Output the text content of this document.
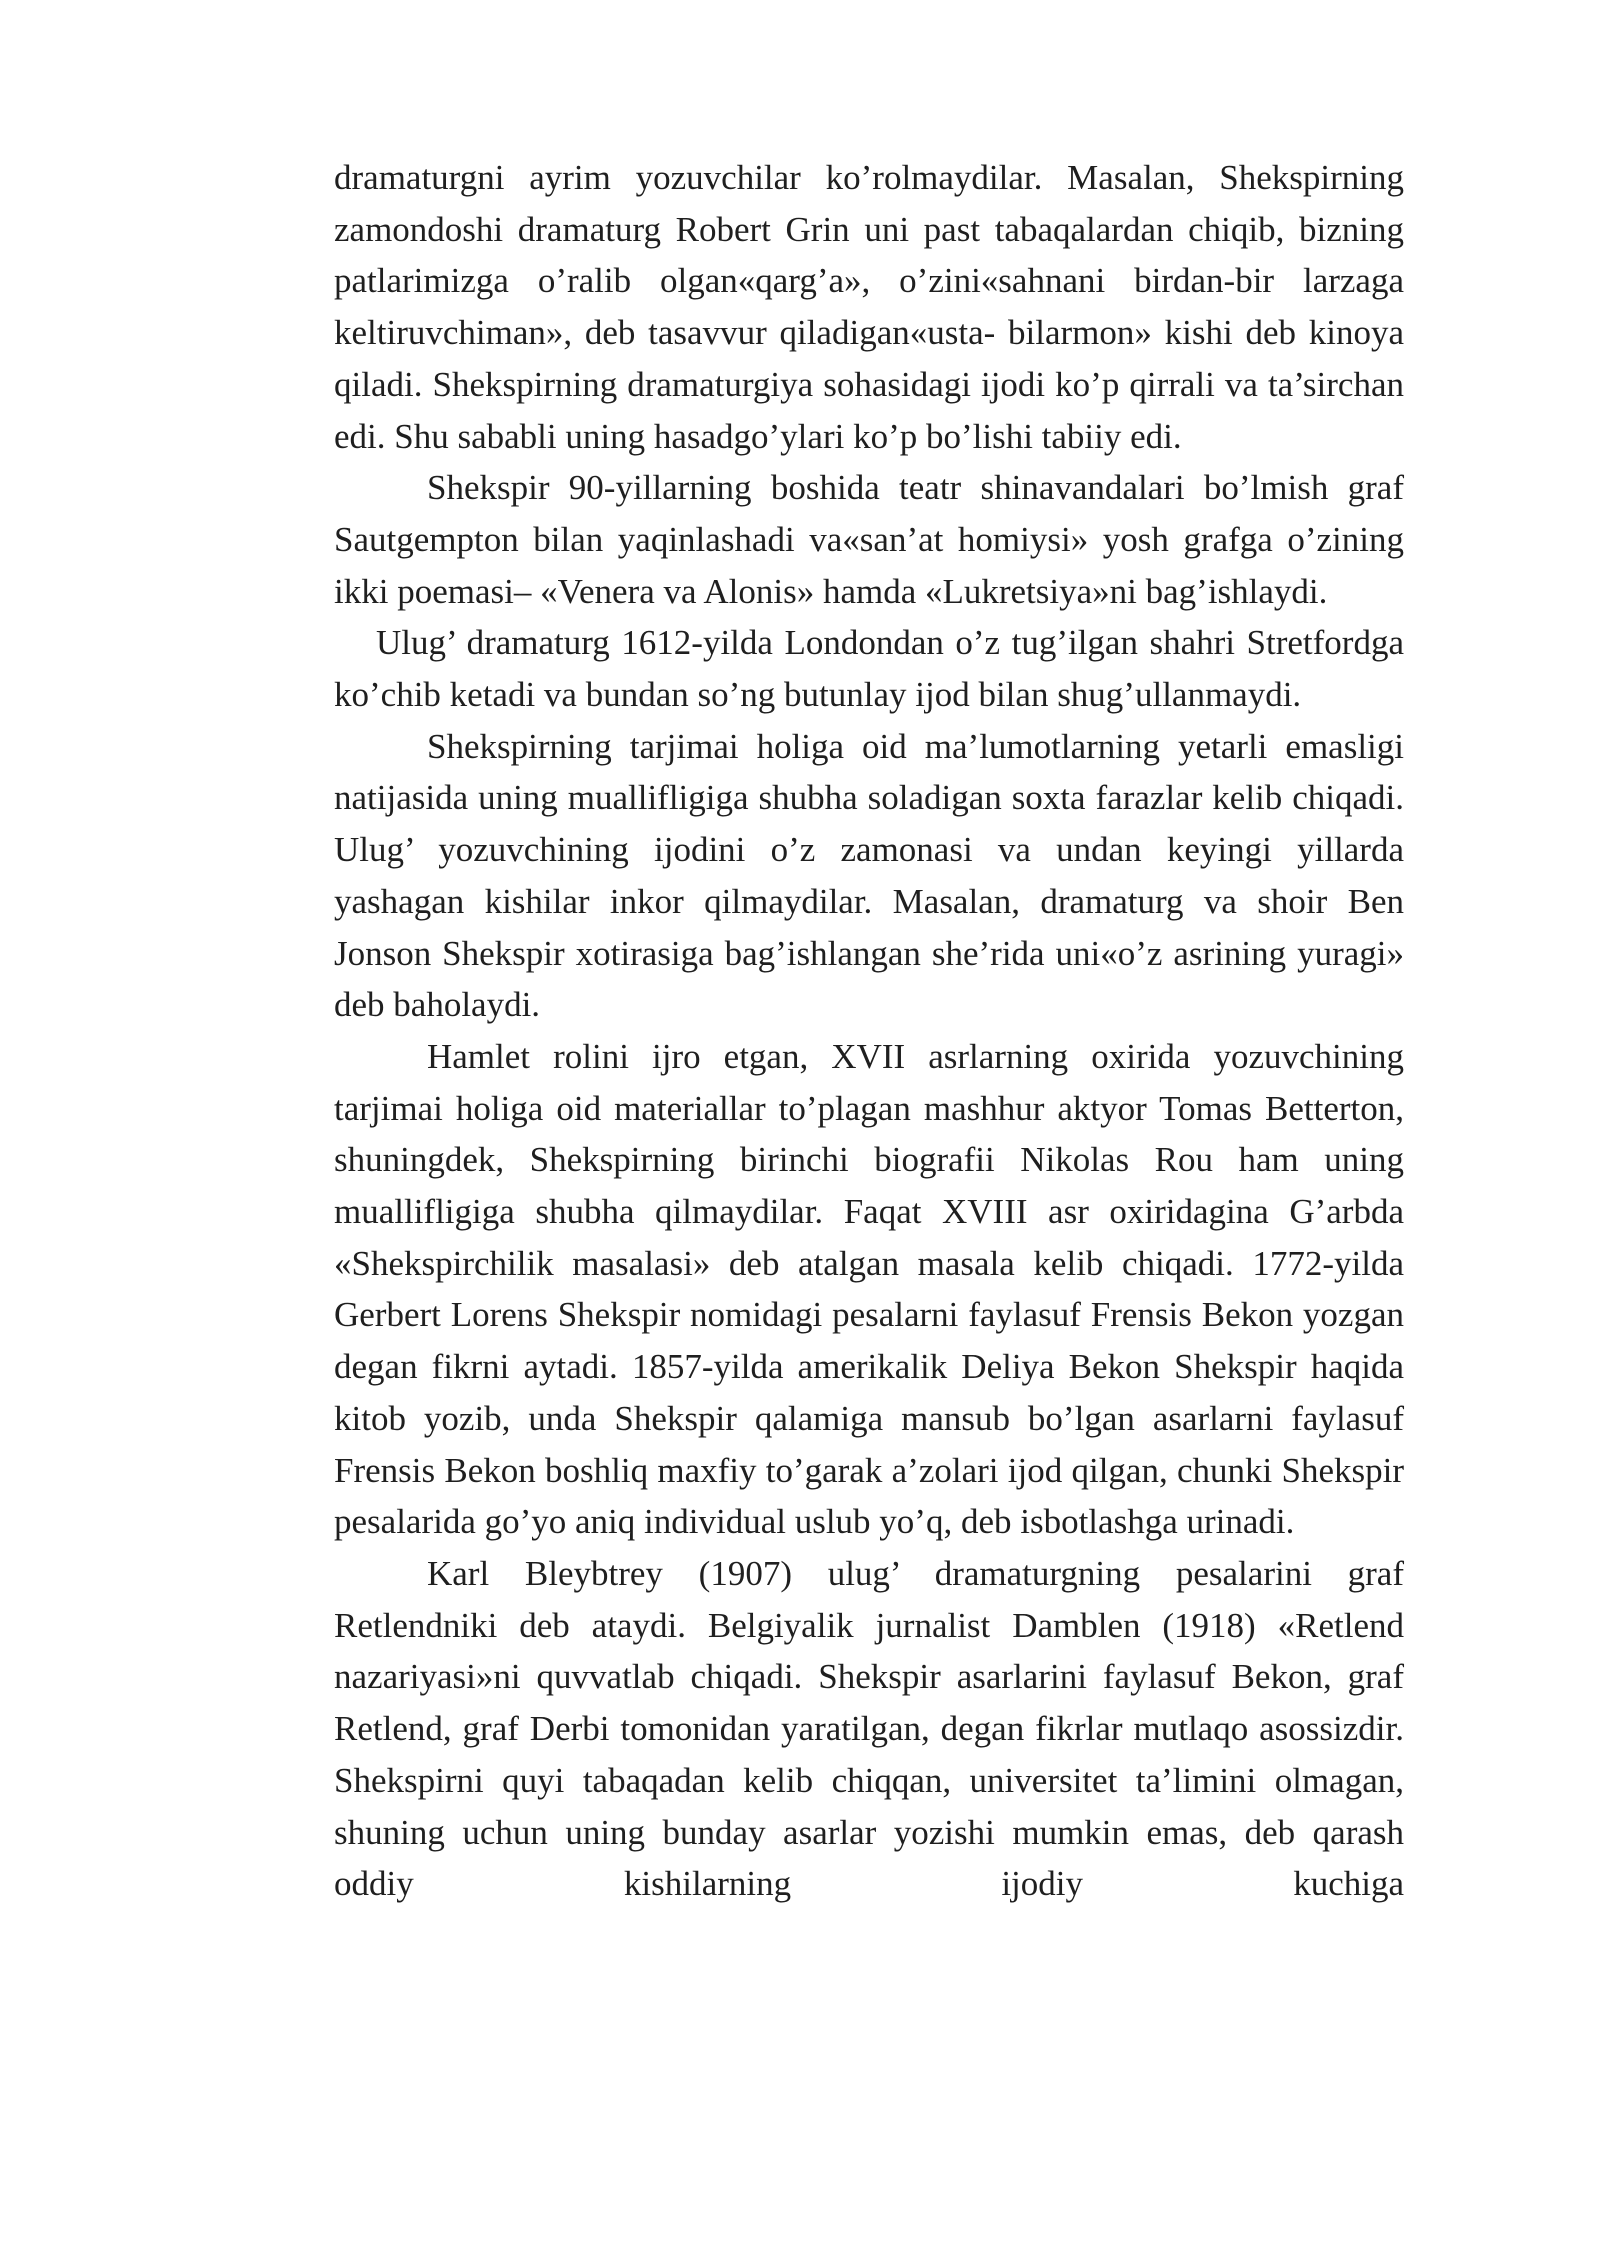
dramaturgni ayrim yozuvchilar ko’rolmaydilar. Masalan, Shekspirning zamondoshi dramaturg Robert Grin uni past tabaqalardan chiqib, bizning patlarimizga o’ralib olgan«qarg’a», o’zini«sahnani birdan-bir larzaga keltiruvchiman», deb tasavvur qiladigan«usta- bilarmon» kishi deb kinoya qiladi. Shekspirning dramaturgiya sohasidagi ijodi ko’p qirrali va ta’sirchan edi. Shu sababli uning hasadgo’ylari ko’p bo’lishi tabiiy edi.

Shekspir 90-yillarning boshida teatr shinavandalari bo’lmish graf Sautgempton bilan yaqinlashadi va«san’at homiysi» yosh grafga o’zining ikki poemasi– «Venera va Alonis» hamda «Lukretsiya»ni bag’ishlaydi.

Ulug’ dramaturg 1612-yilda Londondan o’z tug’ilgan shahri Stretfordga ko’chib ketadi va bundan so’ng butunlay ijod bilan shug’ullanmaydi.

Shekspirning tarjimai holiga oid ma’lumotlarning yetarli emasligi natijasida uning muallifligiga shubha soladigan soxta farazlar kelib chiqadi. Ulug’ yozuvchining ijodini o’z zamonasi va undan keyingi yillarda yashagan kishilar inkor qilmaydilar. Masalan, dramaturg va shoir Ben Jonson Shekspir xotirasiga bag’ishlangan she’rida uni«o’z asrining yuragi» deb baholaydi.

Hamlet rolini ijro etgan, XVII asrlarning oxirida yozuvchining tarjimai holiga oid materiallar to’plagan mashhur aktyor Tomas Betterton, shuningdek, Shekspirning birinchi biografii Nikolas Rou ham uning muallifligiga shubha qilmaydilar. Faqat XVIII asr oxiridagina G’arbda «Shekspirchilik masalasi» deb atalgan masala kelib chiqadi. 1772-yilda Gerbert Lorens Shekspir nomidagi pesalarni faylasuf Frensis Bekon yozgan degan fikrni aytadi. 1857-yilda amerikalik Deliya Bekon Shekspir haqida kitob yozib, unda Shekspir qalamiga mansub bo’lgan asarlarni faylasuf Frensis Bekon boshliq maxfiy to’garak a’zolari ijod qilgan, chunki Shekspir pesalarida go’yo aniq individual uslub yo’q, deb isbotlashga urinadi.

Karl Bleybtrey (1907) ulug’ dramaturgning pesalarini graf Retlendniki deb ataydi. Belgiyalik jurnalist Damblen (1918) «Retlend nazariyasi»ni quvvatlab chiqadi. Shekspir asarlarini faylasuf Bekon, graf Retlend, graf Derbi tomonidan yaratilgan, degan fikrlar mutlaqo asossizdir. Shekspirni quyi tabaqadan kelib chiqqan, universitet ta’limini olmagan, shuning uchun uning bunday asarlar yozishi mumkin emas, deb qarash oddiy kishilarning ijodiy kuchiga
